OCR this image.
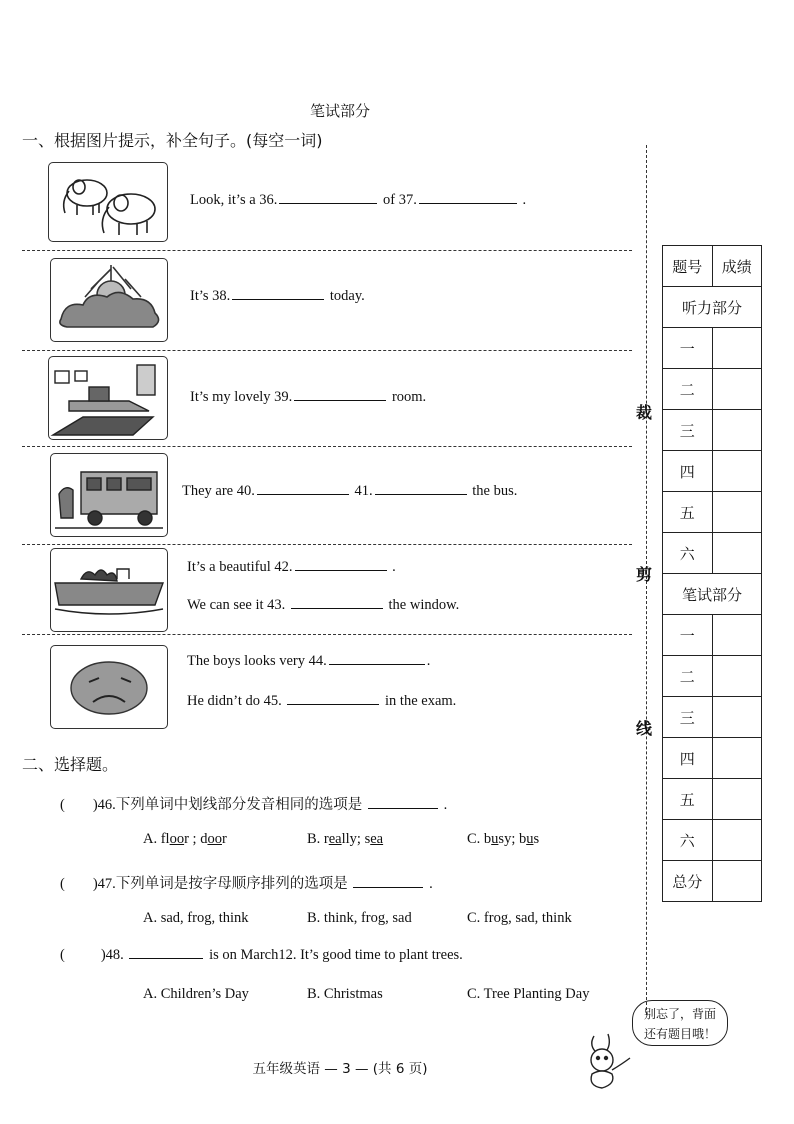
笔试部分
一、根据图片提示，补全句子。(每空一词)
裁
剪
线
Look, it’s a 36.	of 37.	.
It’s 38.	today.
It’s my lovely 39.	room.
They are 40.	41.	the bus.
It’s a beautiful 42.	.
We can see it 43.	the window.
The boys looks very 44.	.
He didn’t do 45.	in the exam.
二、选择题。
( )46.下列单词中划线部分发音相同的选项是	.
A. floor ; door	B. really; sea	C. busy; bus
( )47.下列单词是按字母顺序排列的选项是	.
A. sad, frog, think	B. think, frog, sad	C. frog, sad, think
( )48.	is on March12. It’s good time to plant trees.
A. Children’s Day	B. Christmas	C. Tree Planting Day
题号	成绩
听力部分	
一	
二	
三	
四	
五	
六	
笔试部分	
一	
二	
三	
四	
五	
六	
总分	
别忘了，背面
还有题目哦！
五年级英语 — 3 — (共 6 页)
